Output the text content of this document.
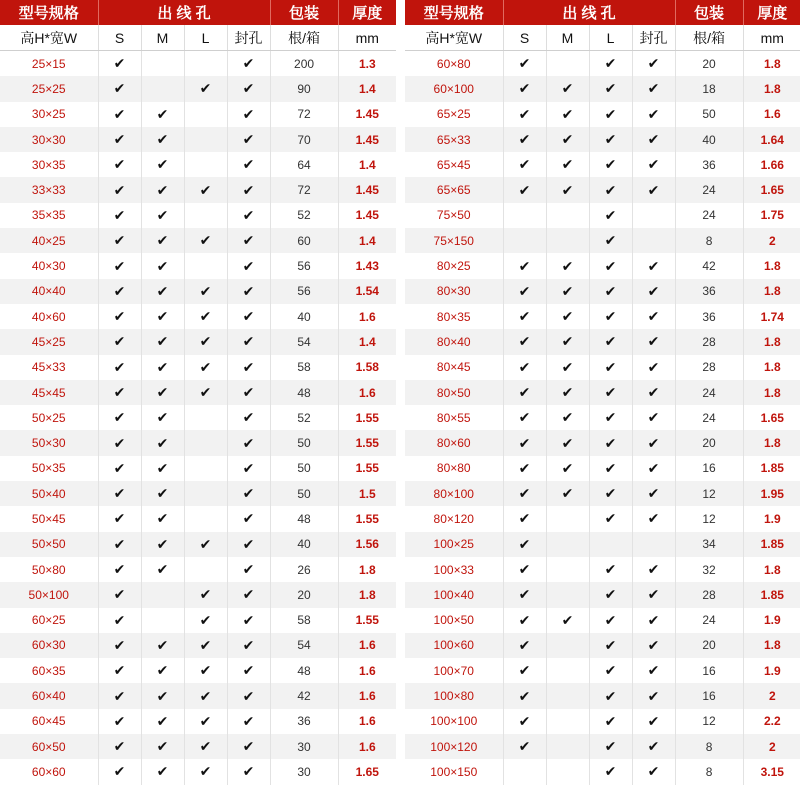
型号规格	出 线 孔				包装	厚度
高H*宽W	S	M	L	封孔	根/箱	mm
25×15	✔			✔	200	1.3
25×25	✔		✔	✔	90	1.4
30×25	✔	✔		✔	72	1.45
30×30	✔	✔		✔	70	1.45
30×35	✔	✔		✔	64	1.4
33×33	✔	✔	✔	✔	72	1.45
35×35	✔	✔		✔	52	1.45
40×25	✔	✔	✔	✔	60	1.4
40×30	✔	✔		✔	56	1.43
40×40	✔	✔	✔	✔	56	1.54
40×60	✔	✔	✔	✔	40	1.6
45×25	✔	✔	✔	✔	54	1.4
45×33	✔	✔	✔	✔	58	1.58
45×45	✔	✔	✔	✔	48	1.6
50×25	✔	✔		✔	52	1.55
50×30	✔	✔		✔	50	1.55
50×35	✔	✔		✔	50	1.55
50×40	✔	✔		✔	50	1.5
50×45	✔	✔		✔	48	1.55
50×50	✔	✔	✔	✔	40	1.56
50×80	✔	✔		✔	26	1.8
50×100	✔		✔	✔	20	1.8
60×25	✔		✔	✔	58	1.55
60×30	✔	✔	✔	✔	54	1.6
60×35	✔	✔	✔	✔	48	1.6
60×40	✔	✔	✔	✔	42	1.6
60×45	✔	✔	✔	✔	36	1.6
60×50	✔	✔	✔	✔	30	1.6
60×60	✔	✔	✔	✔	30	1.65
型号规格	出 线 孔				包装	厚度
高H*宽W	S	M	L	封孔	根/箱	mm
60×80	✔		✔	✔	20	1.8
60×100	✔	✔	✔	✔	18	1.8
65×25	✔	✔	✔	✔	50	1.6
65×33	✔	✔	✔	✔	40	1.64
65×45	✔	✔	✔	✔	36	1.66
65×65	✔	✔	✔	✔	24	1.65
75×50			✔		24	1.75
75×150			✔		8	2
80×25	✔	✔	✔	✔	42	1.8
80×30	✔	✔	✔	✔	36	1.8
80×35	✔	✔	✔	✔	36	1.74
80×40	✔	✔	✔	✔	28	1.8
80×45	✔	✔	✔	✔	28	1.8
80×50	✔	✔	✔	✔	24	1.8
80×55	✔	✔	✔	✔	24	1.65
80×60	✔	✔	✔	✔	20	1.8
80×80	✔	✔	✔	✔	16	1.85
80×100	✔	✔	✔	✔	12	1.95
80×120	✔		✔	✔	12	1.9
100×25	✔				34	1.85
100×33	✔		✔	✔	32	1.8
100×40	✔		✔	✔	28	1.85
100×50	✔	✔	✔	✔	24	1.9
100×60	✔		✔	✔	20	1.8
100×70	✔		✔	✔	16	1.9
100×80	✔		✔	✔	16	2
100×100	✔		✔	✔	12	2.2
100×120	✔		✔	✔	8	2
100×150			✔	✔	8	3.15
